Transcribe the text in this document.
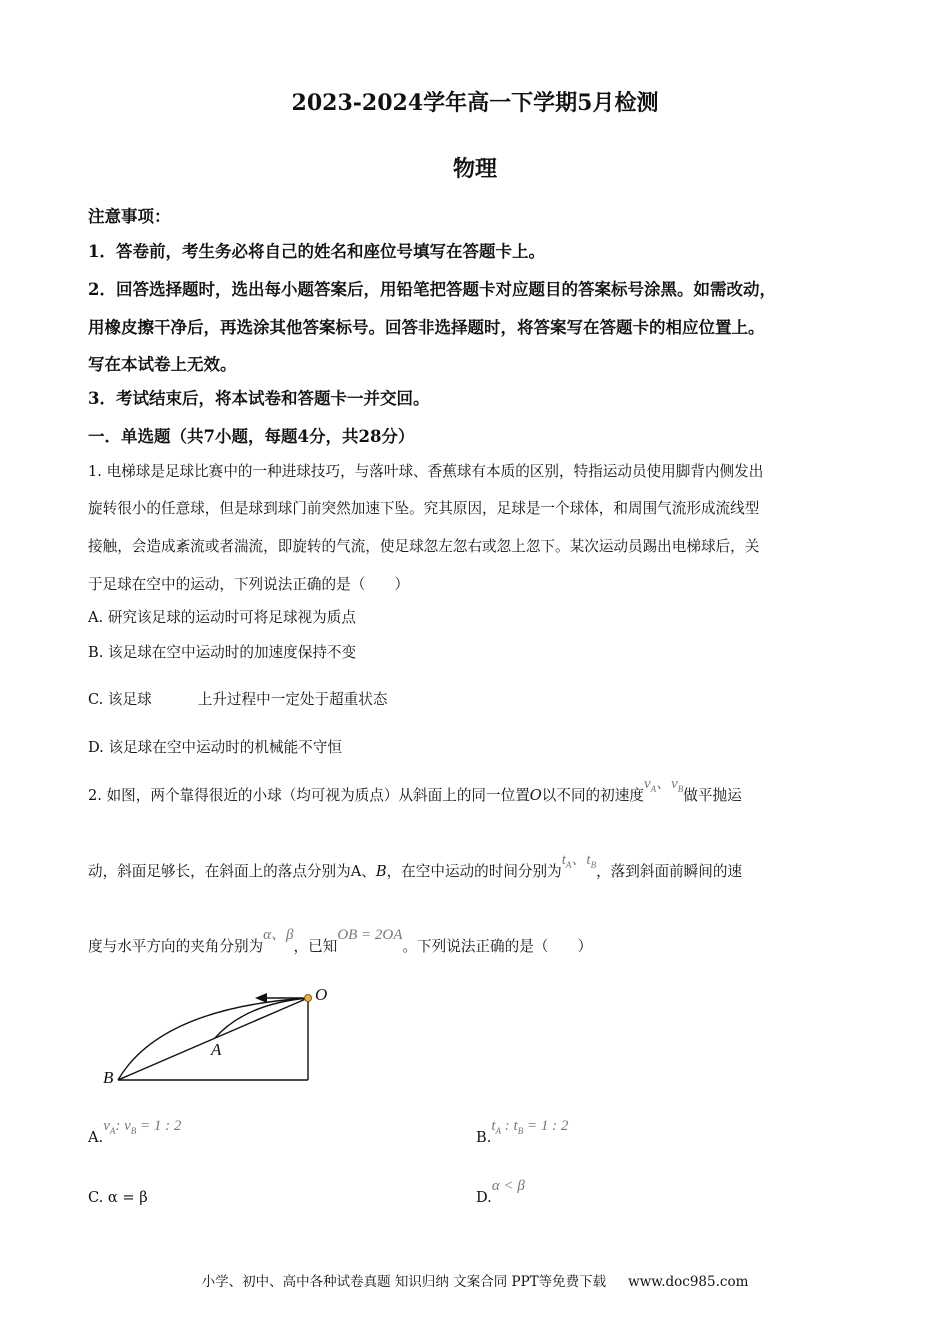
2023-2024学年高一下学期5月检测
物理
注意事项：
1．答卷前，考生务必将自己的姓名和座位号填写在答题卡上。
2．回答选择题时，选出每小题答案后，用铅笔把答题卡对应题目的答案标号涂黑。如需改动，
用橡皮擦干净后，再选涂其他答案标号。回答非选择题时，将答案写在答题卡的相应位置上。
写在本试卷上无效。
3．考试结束后，将本试卷和答题卡一并交回。
一．单选题（共7小题，每题4分，共28分）
1. 电梯球是足球比赛中的一种进球技巧，与落叶球、香蕉球有本质的区别，特指运动员使用脚背内侧发出
旋转很小的任意球，但是球到球门前突然加速下坠。究其原因，足球是一个球体，和周围气流形成流线型
接触，会造成紊流或者湍流，即旋转的气流，使足球忽左忽右或忽上忽下。某次运动员踢出电梯球后，关
于足球在空中的运动，下列说法正确的是（　　）
A. 研究该足球的运动时可将足球视为质点
B. 该足球在空中运动时的加速度保持不变
C. 该足球	上升过程中一定处于超重状态
D. 该足球在空中运动时的机械能不守恒
2. 如图，两个靠得很近的小球（均可视为质点）从斜面上的同一位置O以不同的初速度$v_A$、$v_B$做平抛运
动，斜面足够长，在斜面上的落点分别为A、B，在空中运动的时间分别为$t_A$、$t_B$，落到斜面前瞬间的速
度与水平方向的夹角分别为α、β，已知OB = 2OA。下列说法正确的是（　　）
O
A
B
$A.v_A$: $v_B = 1$ : 2
$B.t_A$ : $t_B = 1$ : 2
C. α = β	D.α < β
小学、初中、高中各种试卷真题 知识归纳 文案合同 PPT等免费下载 www.doc985.com
